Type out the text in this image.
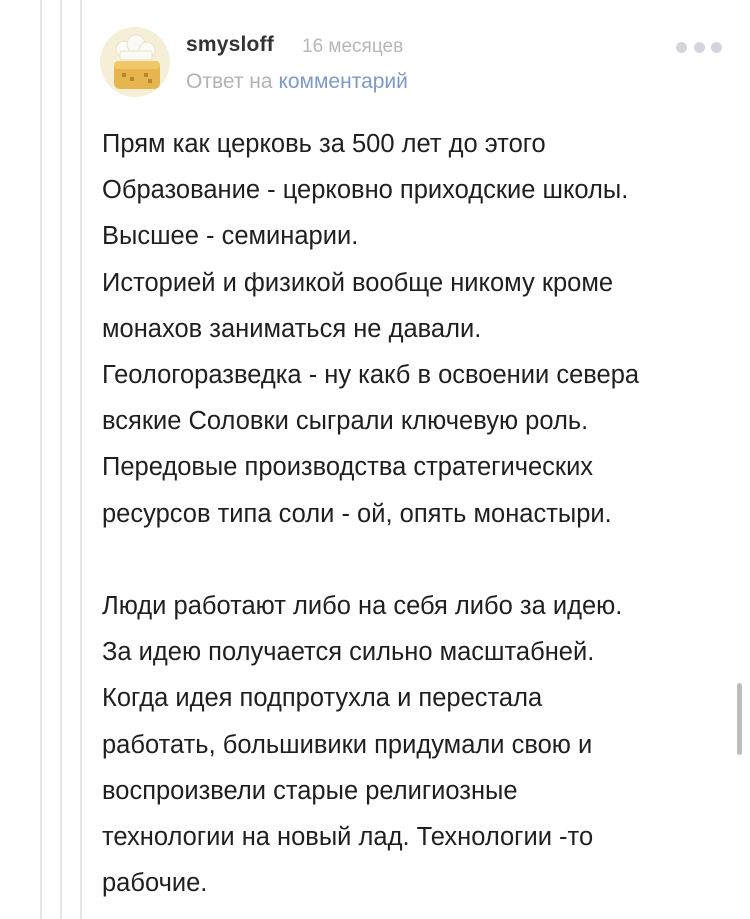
smysloff 16 месяцев
Ответ на комментарий
Прям как церковь за 500 лет до этого
Образование - церковно приходские школы.
Высшее - семинарии.
Историей и физикой вообще никому кроме
монахов заниматься не давали.
Геологоразведка - ну какб в освоении севера
всякие Соловки сыграли ключевую роль.
Передовые производства стратегических
ресурсов типа соли - ой, опять монастыри.
Люди работают либо на себя либо за идею.
За идею получается сильно масштабней.
Когда идея подпротухла и перестала
работать, большивики придумали свою и
воспроизвели старые религиозные
технологии на новый лад. Технологии -то
рабочие.
